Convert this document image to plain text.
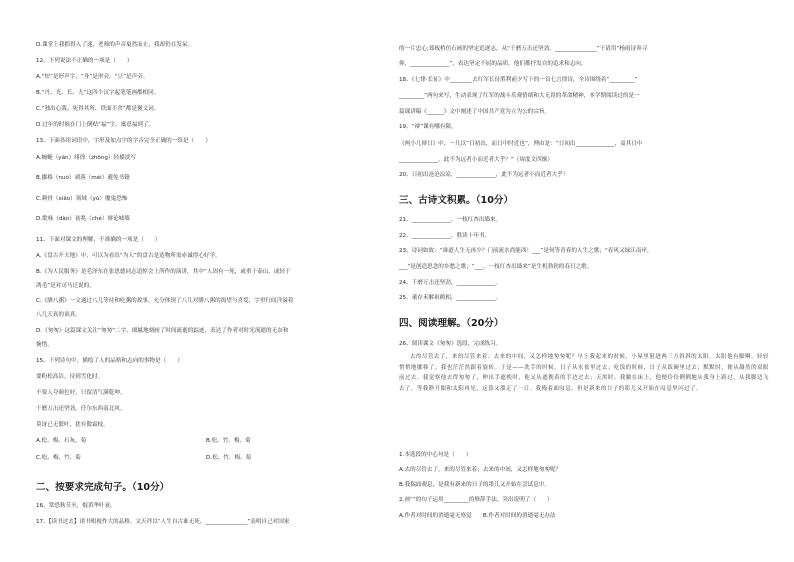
D.课堂上我抓得入了迷，老师的声音戛然而止，我却仍在发呆。
12、下列说法不正确的一项是（　　）
A.“短”是形声字，“身”是形旁，“豆”是声旁。
B.“丹、光、长、九”这四个汉字起笔笔画都相同。
C.“独出心裁、死得其所、铁面不舍”都是褒义词。
D.过年的时候在门上倒贴“福”字，寓意福到了。
13、下面各组词语中，字形及加点字的字音完全正确的一组是（　　）
A.蜿蜒（yán）绯徐（zhōng）轻描淡写
B.挪移（nuó）剥落（méi）避免书籍
C.刺骨（xiāo）领域（yù）魔鬼恐怖
D.歌咏（dàn）初兆（chè）辩论城墙
11、下面对课文的理解，不准确的一项是（　　）
A.《盘古开天地》中，可以为看出“为人”的盘古是造物所需赤诚得心好学。
B.《为人民服务》是毛泽东在张思德同志追悼会上所作的演讲，其中“人固有一死，或重于泰山，或轻于
鸿毛”是对司马迁说的。
C.《腊八粥》一文通过八儿等待和吃粥的故事，充分体现了八儿对腊八粥的渴望与喜爱，字里行间洋溢着
八儿天真的童真。
D.《匆匆》这篇课文关注“匆匆”二字，细腻地刻画了时间流逝的踪迹，表达了作者对时光流逝的无奈和
惋惜。
15、下列诗句中，描绘了人的品格和志向的事物是（　　）
要粉松高洁，待到雪化时。
不要人夸颜色好，只留清气满乾坤。
千磨万击还坚劲，任尔东西南北风。
莫讶已无繁叶，犹有傲霜枝。
A.松、梅、石灰、菊
C.松、梅、竹、菊
16、常恐秋节至，焜黄华叶衰。
17、【读书过去】诸书相视作大的品格。文天祥以“人生自古谁无死，_______________”表明自己对国家
B.松、竹、梅、菊
D.松、竹、梅、菊
二、按要求完成句子。（10分）
的一片忠心;郑板桥仿石画的坚定追逐志，从“千磨万击还坚劲，_______________”干请用“杨雨诗奔寻
仰，______________”，表达坚定不屈的品质。他们都抒发自的追求和志向。
18、《七律·长征》中________去红军长征胜利前夕写下的一首七言律诗，全诗围绕着“_________”
_________”两句来写，生动表现了红军的战斗乐观情绪和大无畏的革命精神，本学期阅读过的是一
篇课讲稿《______》文中阐述了中国共产党为立为公的宗旨。
19、“辩”课有哪有限。
《两小儿辩日》中，一儿以“日初出，而日中时近也”，理由是：“日初出______________，及其日中
______________，此不为远者小而近者大乎？”（周度文四渐）
20、日初出沧沧凉凉，______________，此不为远者小而近者大乎！
21、______________，一枝红杏出墙来。
22、______________，胜读十年书。
23、诗词如故：“谁道人生无再少？门前流水尚能西！___”是何等青春的人生之歌；“春风又绿江南岸，
___”是创造思念的乡愁之歌；“___，一枝红杏出墙来”是生机勃勃的春日之歌。
24、千磨万击还坚劲，______________。
25、董存禾解祖鹤相，______________。
26、阅读课文《匆匆》选段，完成练习。
1.本选段的中心句是（　　）
A.去的尽管去了，来的尽管来着；去来的中间，又怎样地匆匆呢？
B.我揣面观息，是我有新来的日子的墨儿又开始在尝试息中。
2.画“”的句子运用_________的修辞手法，突出说明了（　　）
A.作者对时间的消逝毫无察觉　　B.作者对时间的消逝毫无办法
三、古诗文积累。（10分）
四、阅读理解。（20分）
去的尽管去了，来的尽管来着；去来的中间，又怎样地匆匆呢？早上我起来的时候，小屋里射进两三方斜斜的太阳。太阳他有脚啊，轻轻悄悄地挪移了；我也茫茫然跟着旋转。于是——洗手的时候，日子从水盆里过去；吃饭的时候，日子从饭碗里过去；默默时，便从凝然的双眼前过去。我觉察他去得匆匆了，伸出手遮挽时，他又从遮挽着的手边过去；天黑时，我躺在床上，他便伶伶俐俐地从我身上跨过，从我脚边飞去了。等我睁开眼和太阳再见，这算又溜走了一日。我掩着面叹息。但是新来的日子的影儿又开始在叹息里闪过了。
